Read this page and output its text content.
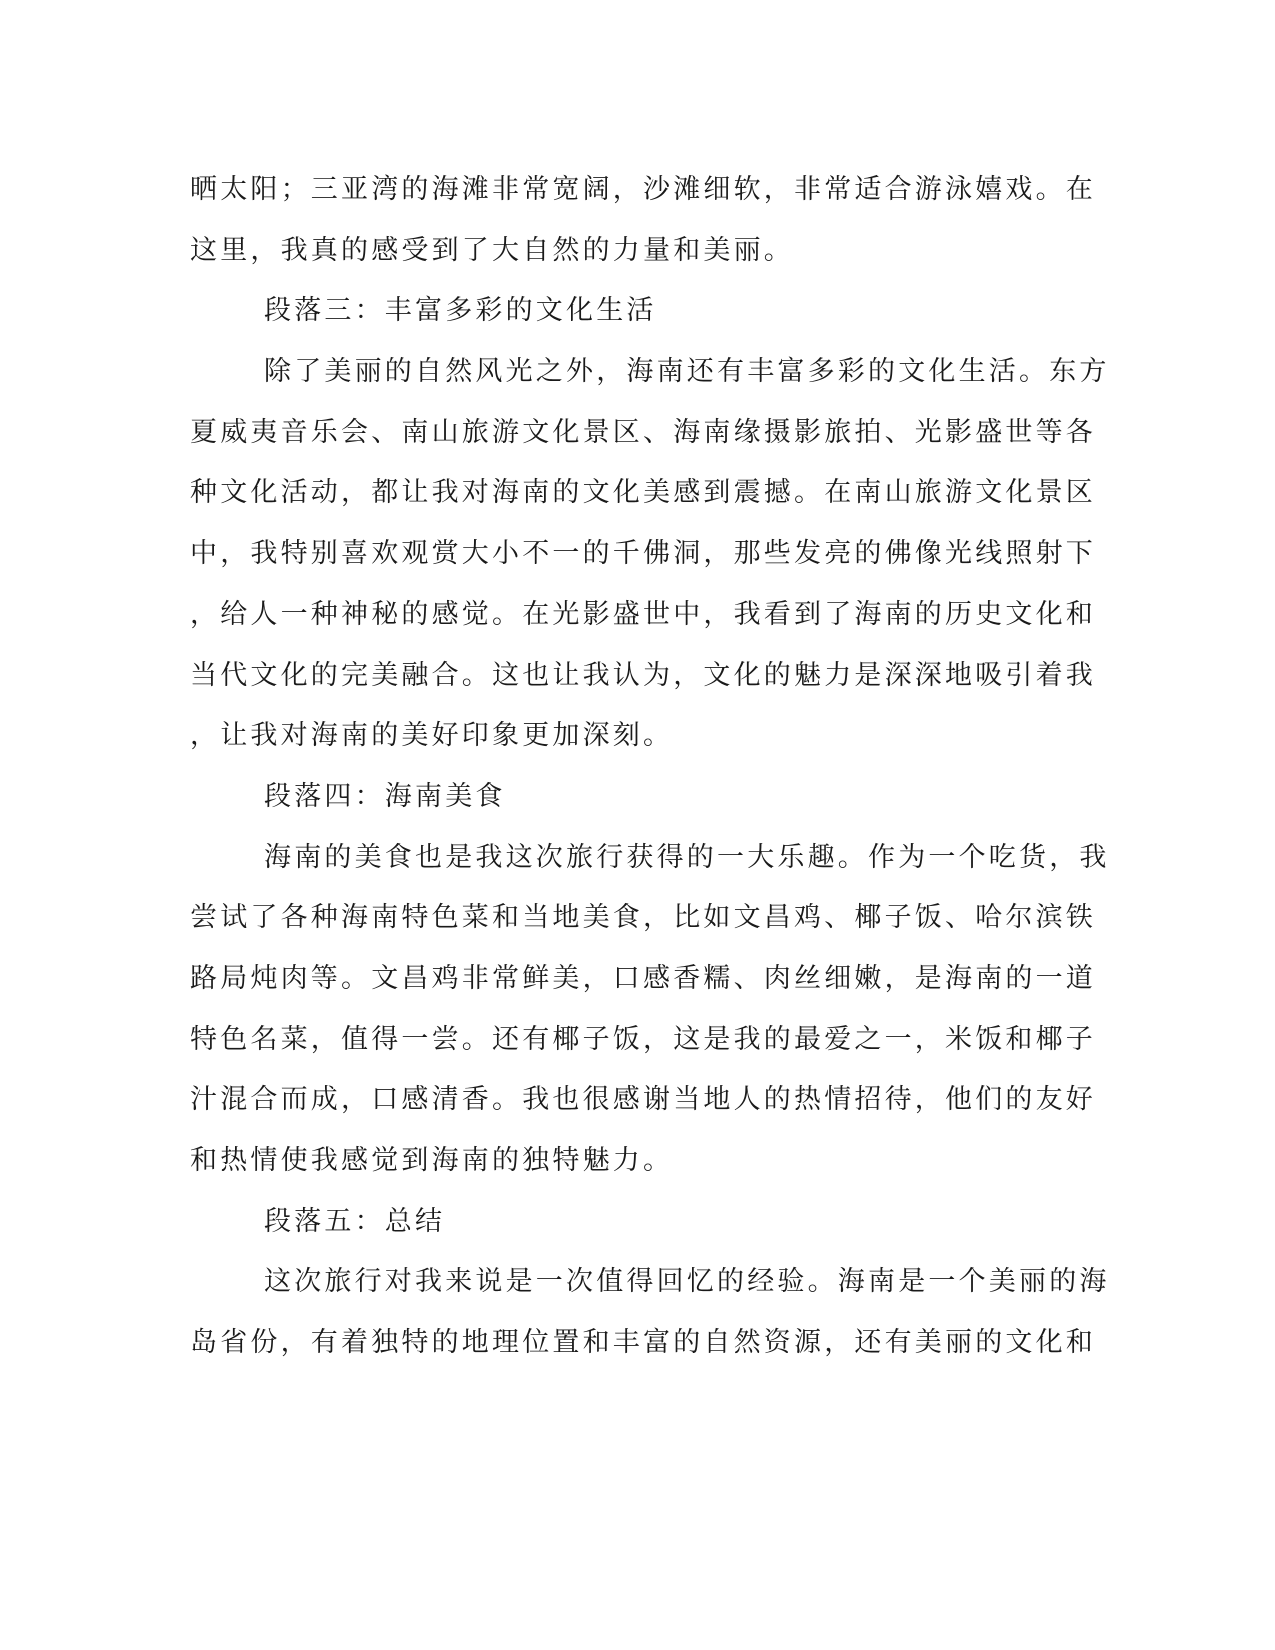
晒太阳；三亚湾的海滩非常宽阔，沙滩细软，非常适合游泳嬉戏。在
这里，我真的感受到了大自然的力量和美丽。
段落三：丰富多彩的文化生活
除了美丽的自然风光之外，海南还有丰富多彩的文化生活。东方
夏威夷音乐会、南山旅游文化景区、海南缘摄影旅拍、光影盛世等各
种文化活动，都让我对海南的文化美感到震撼。在南山旅游文化景区
中，我特别喜欢观赏大小不一的千佛洞，那些发亮的佛像光线照射下
，给人一种神秘的感觉。在光影盛世中，我看到了海南的历史文化和
当代文化的完美融合。这也让我认为，文化的魅力是深深地吸引着我
，让我对海南的美好印象更加深刻。
段落四：海南美食
海南的美食也是我这次旅行获得的一大乐趣。作为一个吃货，我
尝试了各种海南特色菜和当地美食，比如文昌鸡、椰子饭、哈尔滨铁
路局炖肉等。文昌鸡非常鲜美，口感香糯、肉丝细嫩，是海南的一道
特色名菜，值得一尝。还有椰子饭，这是我的最爱之一，米饭和椰子
汁混合而成，口感清香。我也很感谢当地人的热情招待，他们的友好
和热情使我感觉到海南的独特魅力。
段落五：总结
这次旅行对我来说是一次值得回忆的经验。海南是一个美丽的海
岛省份，有着独特的地理位置和丰富的自然资源，还有美丽的文化和
